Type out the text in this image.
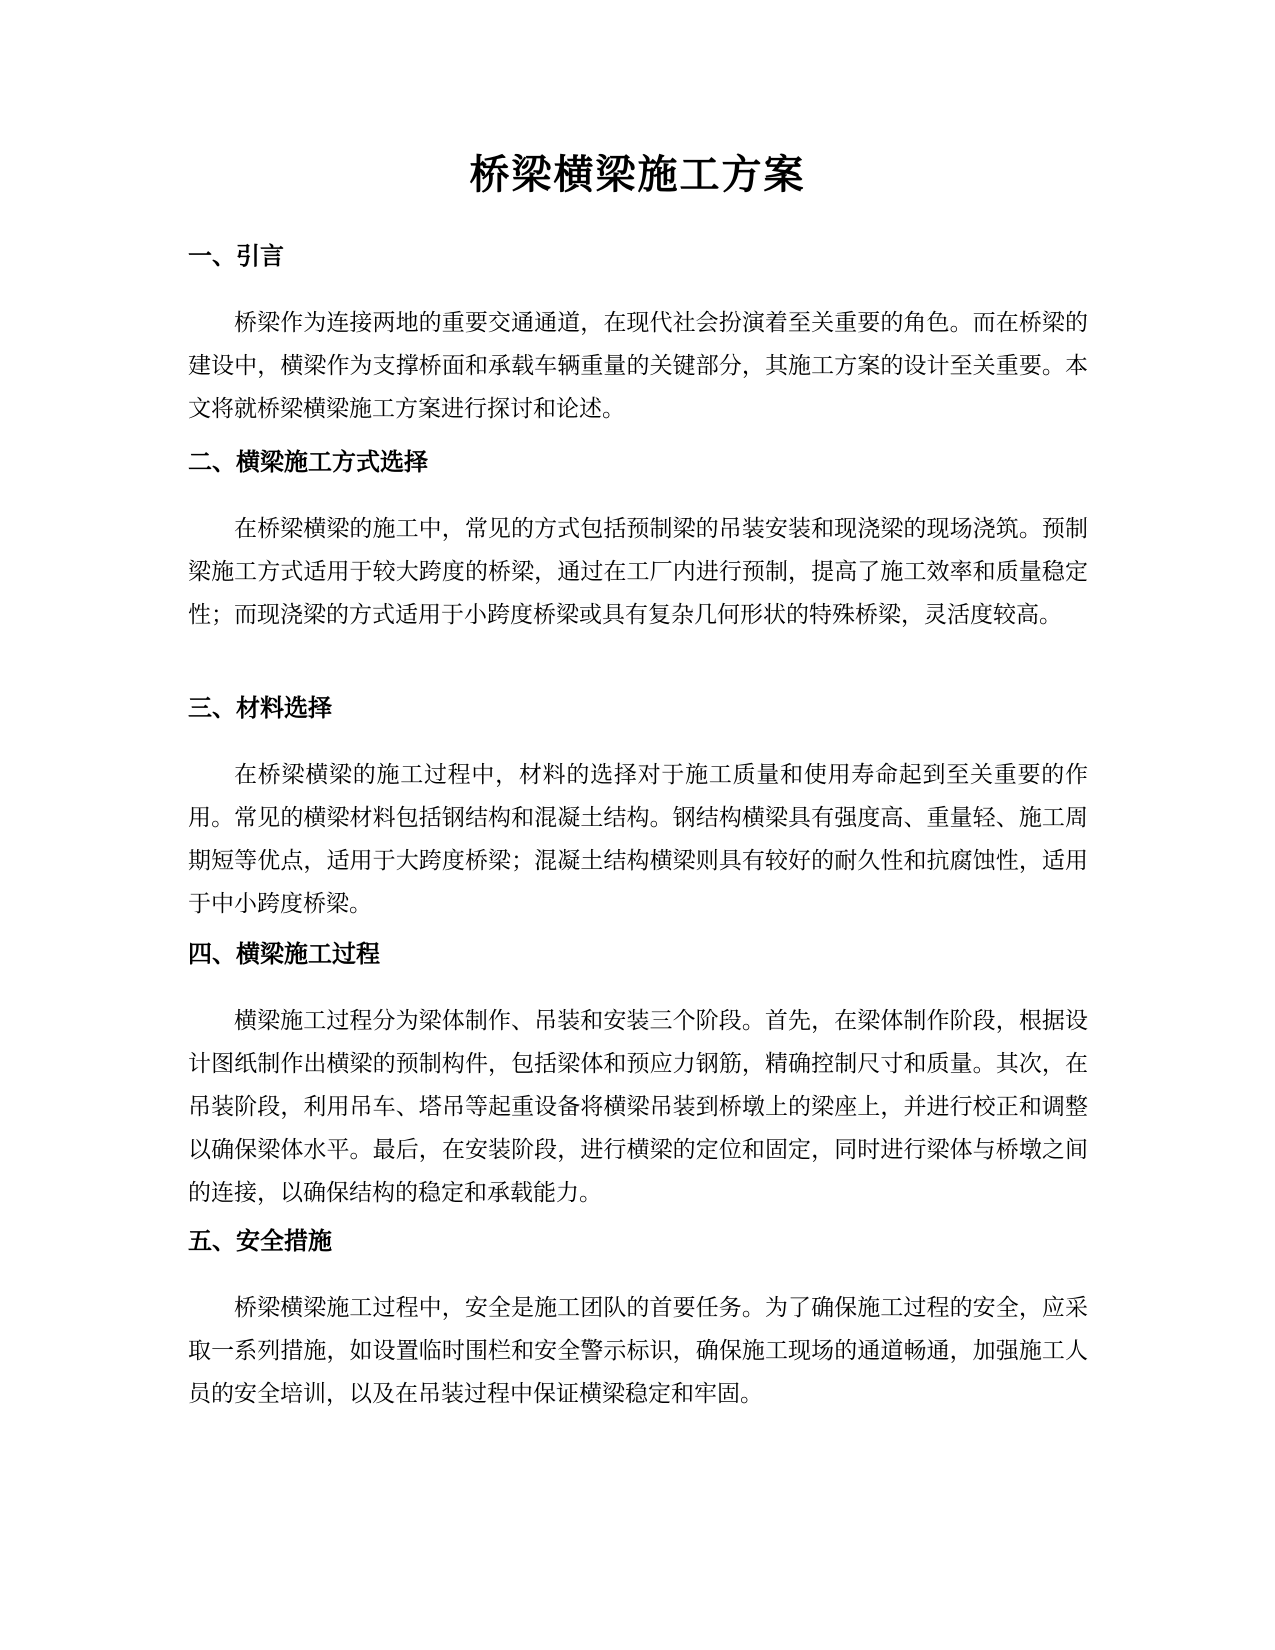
桥梁横梁施工方案
一、引言

桥梁作为连接两地的重要交通通道，在现代社会扮演着至关重要的角色。而在桥梁的建设中，横梁作为支撑桥面和承载车辆重量的关键部分，其施工方案的设计至关重要。本文将就桥梁横梁施工方案进行探讨和论述。

二、横梁施工方式选择

在桥梁横梁的施工中，常见的方式包括预制梁的吊装安装和现浇梁的现场浇筑。预制梁施工方式适用于较大跨度的桥梁，通过在工厂内进行预制，提高了施工效率和质量稳定性；而现浇梁的方式适用于小跨度桥梁或具有复杂几何形状的特殊桥梁，灵活度较高。

三、材料选择

在桥梁横梁的施工过程中，材料的选择对于施工质量和使用寿命起到至关重要的作用。常见的横梁材料包括钢结构和混凝土结构。钢结构横梁具有强度高、重量轻、施工周期短等优点，适用于大跨度桥梁；混凝土结构横梁则具有较好的耐久性和抗腐蚀性，适用于中小跨度桥梁。

四、横梁施工过程

横梁施工过程分为梁体制作、吊装和安装三个阶段。首先，在梁体制作阶段，根据设计图纸制作出横梁的预制构件，包括梁体和预应力钢筋，精确控制尺寸和质量。其次，在吊装阶段，利用吊车、塔吊等起重设备将横梁吊装到桥墩上的梁座上，并进行校正和调整以确保梁体水平。最后，在安装阶段，进行横梁的定位和固定，同时进行梁体与桥墩之间的连接，以确保结构的稳定和承载能力。

五、安全措施

桥梁横梁施工过程中，安全是施工团队的首要任务。为了确保施工过程的安全，应采取一系列措施，如设置临时围栏和安全警示标识，确保施工现场的通道畅通，加强施工人员的安全培训，以及在吊装过程中保证横梁稳定和牢固。
